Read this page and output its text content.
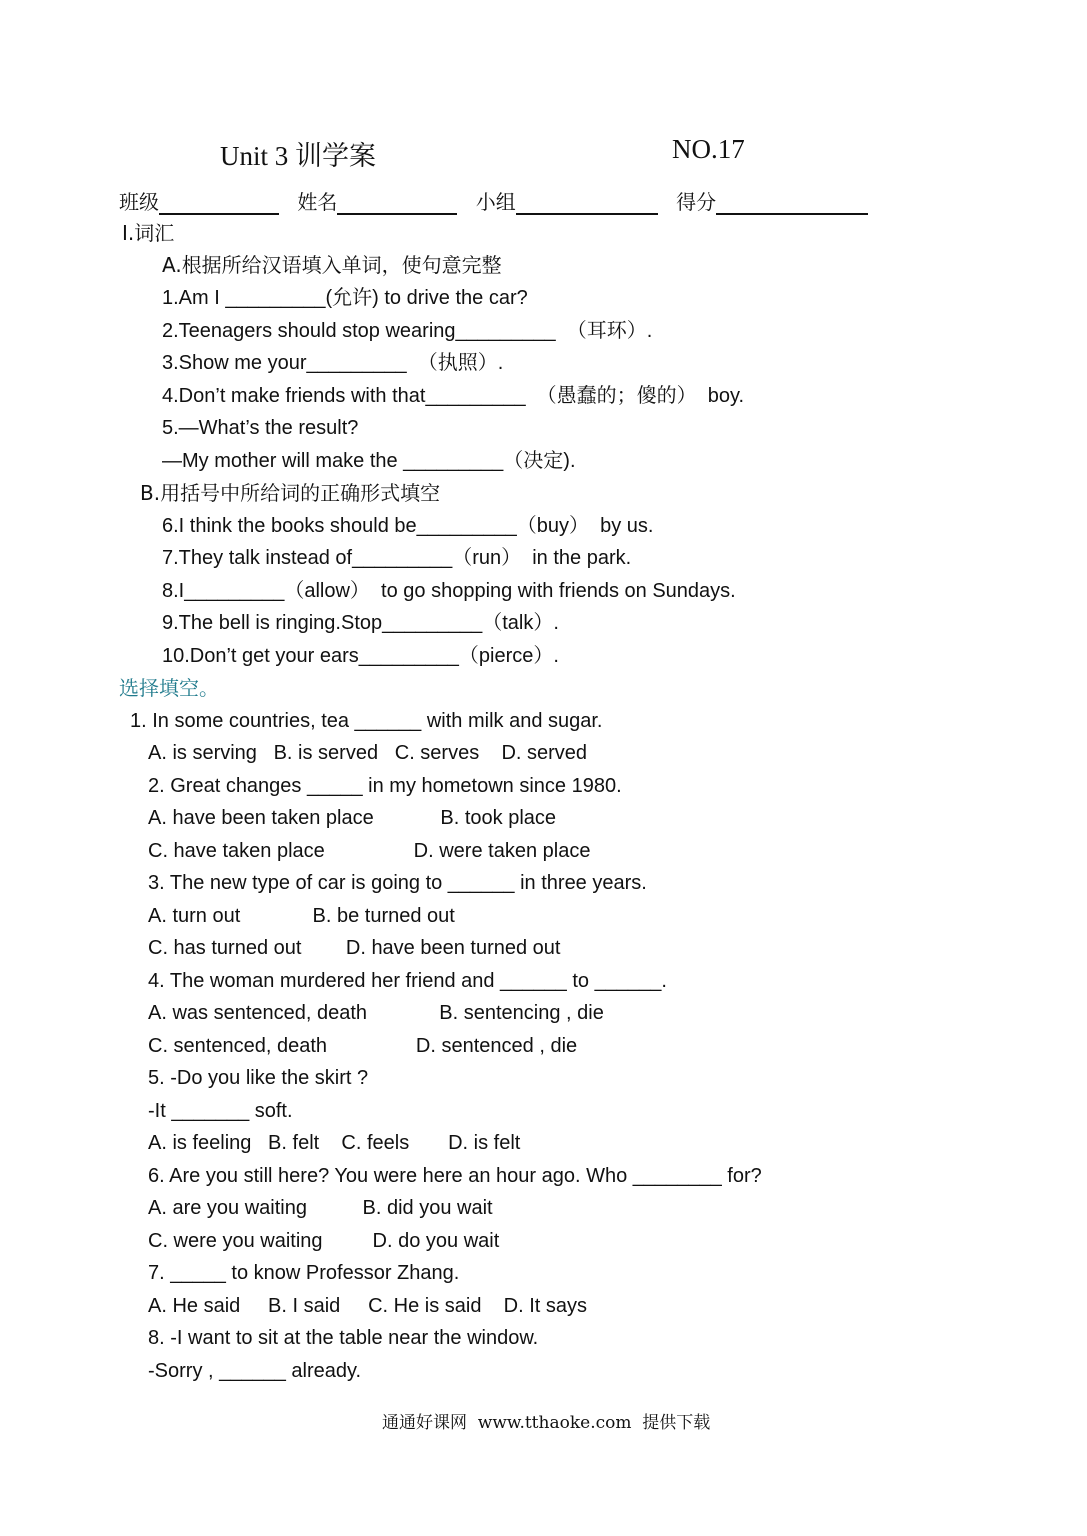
Unit 3 训学案	NO.17
班级	姓名	小组	得分
Ⅰ.词汇
A.根据所给汉语填入单词，使句意完整
1.Am I _________(允许) to drive the car?
2.Teenagers should stop wearing_________  （耳环）.
3.Show me your_________  （执照）.
4.Don’t make friends with that_________  （愚蠢的；傻的）  boy.
5.—What’s the result?
—My mother will make the _________（决定).
B.用括号中所给词的正确形式填空
6.I think the books should be_________（buy）  by us.
7.They talk instead of_________（run）  in the park.
8.I_________（allow）  to go shopping with friends on Sundays.
9.The bell is ringing.Stop_________（talk）.
10.Don’t get your ears_________（pierce）.
选择填空。
1. In some countries, tea ______ with milk and sugar.
A. is serving   B. is served   C. serves    D. served
2. Great changes _____ in my hometown since 1980.
A. have been taken place            B. took place
C. have taken place                D. were taken place
3. The new type of car is going to ______ in three years.
A. turn out             B. be turned out
C. has turned out        D. have been turned out
4. The woman murdered her friend and ______ to ______.
A. was sentenced, death             B. sentencing , die
C. sentenced, death                D. sentenced , die
5. -Do you like the skirt ?
-It _______ soft.
A. is feeling   B. felt    C. feels       D. is felt
6. Are you still here? You were here an hour ago. Who ________ for?
A. are you waiting          B. did you wait
C. were you waiting         D. do you wait
7. _____ to know Professor Zhang.
A. He said     B. I said     C. He is said    D. It says
8. -I want to sit at the table near the window.
-Sorry , ______ already.
通通好课网  www.tthaoke.com  提供下载
